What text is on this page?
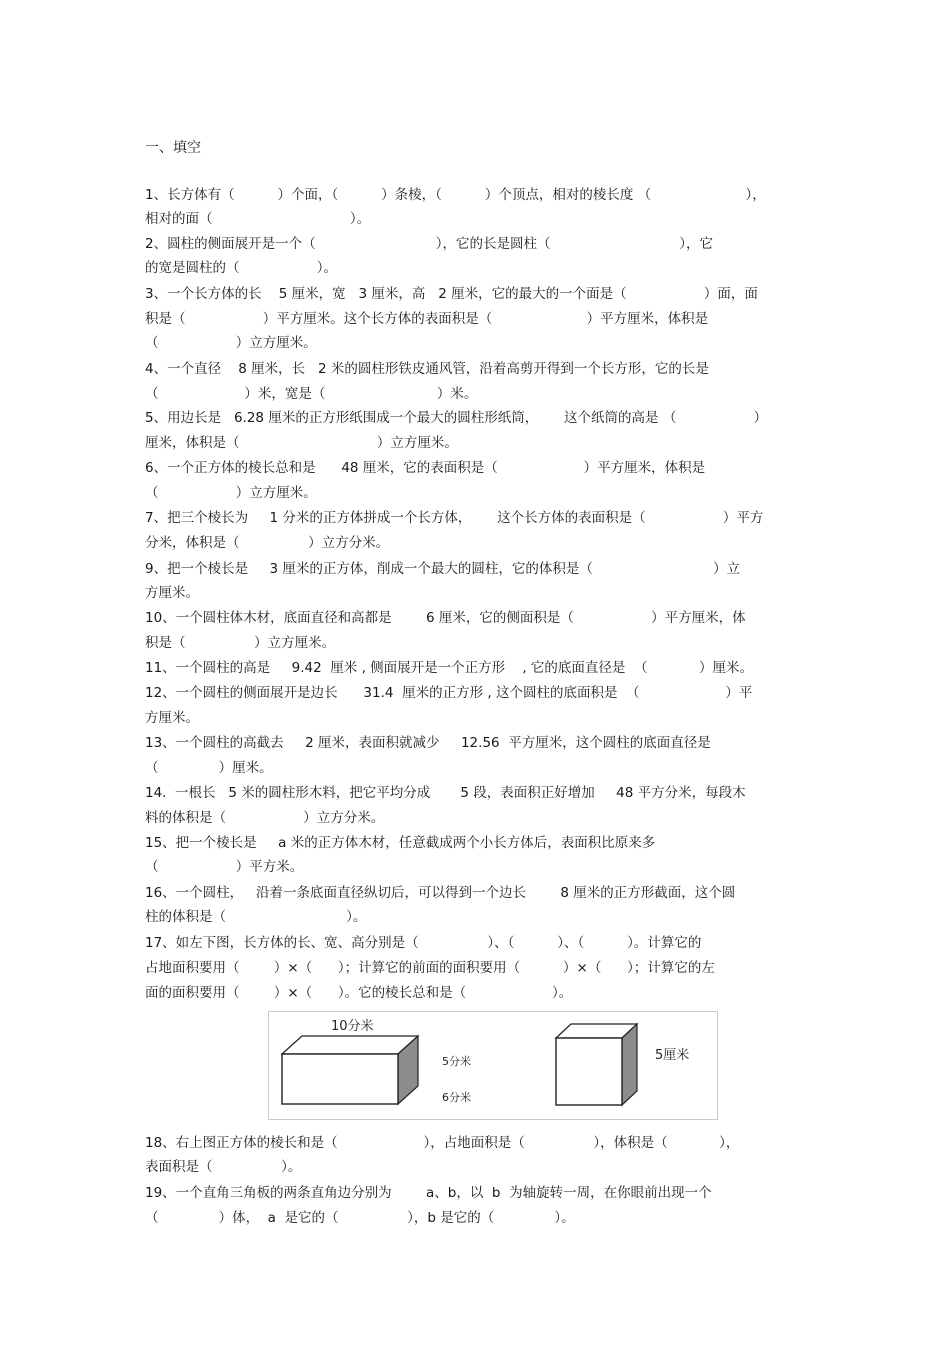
一、填空
1、长方体有（          ）个面，（          ）条棱，（          ）个顶点，相对的棱长度 （                      ），
相对的面（                                ）。
2、圆柱的侧面展开是一个（                            ），它的长是圆柱（                              ），它
的宽是圆柱的（                  ）。
3、一个长方体的长    5 厘米，宽   3 厘米，高   2 厘米，它的最大的一个面是（                  ）面，面
积是（                  ）平方厘米。这个长方体的表面积是（                      ）平方厘米，体积是
（                  ）立方厘米。
4、一个直径    8 厘米，长   2 米的圆柱形铁皮通风管，沿着高剪开得到一个长方形，它的长是
（                    ）米，宽是（                          ）米。
5、用边长是   6.28 厘米的正方形纸围成一个最大的圆柱形纸筒，      这个纸筒的高是 （                  ）
厘米，体积是（                                ）立方厘米。
6、一个正方体的棱长总和是      48 厘米，它的表面积是（                    ）平方厘米，体积是
（                  ）立方厘米。
7、把三个棱长为     1 分米的正方体拼成一个长方体，      这个长方体的表面积是（                  ）平方
分米，体积是（                ）立方分米。
9、把一个棱长是     3 厘米的正方体，削成一个最大的圆柱，它的体积是（                            ）立
方厘米。
10、一个圆柱体木材，底面直径和高都是        6 厘米，它的侧面积是（                  ）平方厘米，体
积是（                ）立方厘米。
11、一个圆柱的高是     9.42  厘米 , 侧面展开是一个正方形    , 它的底面直径是  （            ）厘米。
12、一个圆柱的侧面展开是边长      31.4  厘米的正方形 , 这个圆柱的底面积是  （                    ）平
方厘米。
13、一个圆柱的高截去     2 厘米，表面积就减少     12.56  平方厘米，这个圆柱的底面直径是
（              ）厘米。
14.  一根长   5 米的圆柱形木料，把它平均分成       5 段，表面积正好增加     48 平方分米，每段木
料的体积是（                  ）立方分米。
15、把一个棱长是     a 米的正方体木材，任意截成两个小长方体后，表面积比原来多
（                  ）平方米。
16、一个圆柱，   沿着一条底面直径纵切后，可以得到一个边长        8 厘米的正方形截面，这个圆
柱的体积是（                            ）。
17、如左下图，长方体的长、宽、高分别是（                ）、（          ）、（          ）。计算它的
占地面积要用（        ）×（      ）；计算它的前面的面积要用（          ）×（      ）；计算它的左
面的面积要用（        ）×（      ）。它的棱长总和是（                    ）。
10分米
5分米
6分米
5厘米
18、右上图正方体的棱长和是（                    ），占地面积是（                ），体积是（            ），
表面积是（                ）。
19、一个直角三角板的两条直角边分别为        a、b，以  b  为轴旋转一周，在你眼前出现一个
（              ）体，  a  是它的（                ），b 是它的（              ）。
